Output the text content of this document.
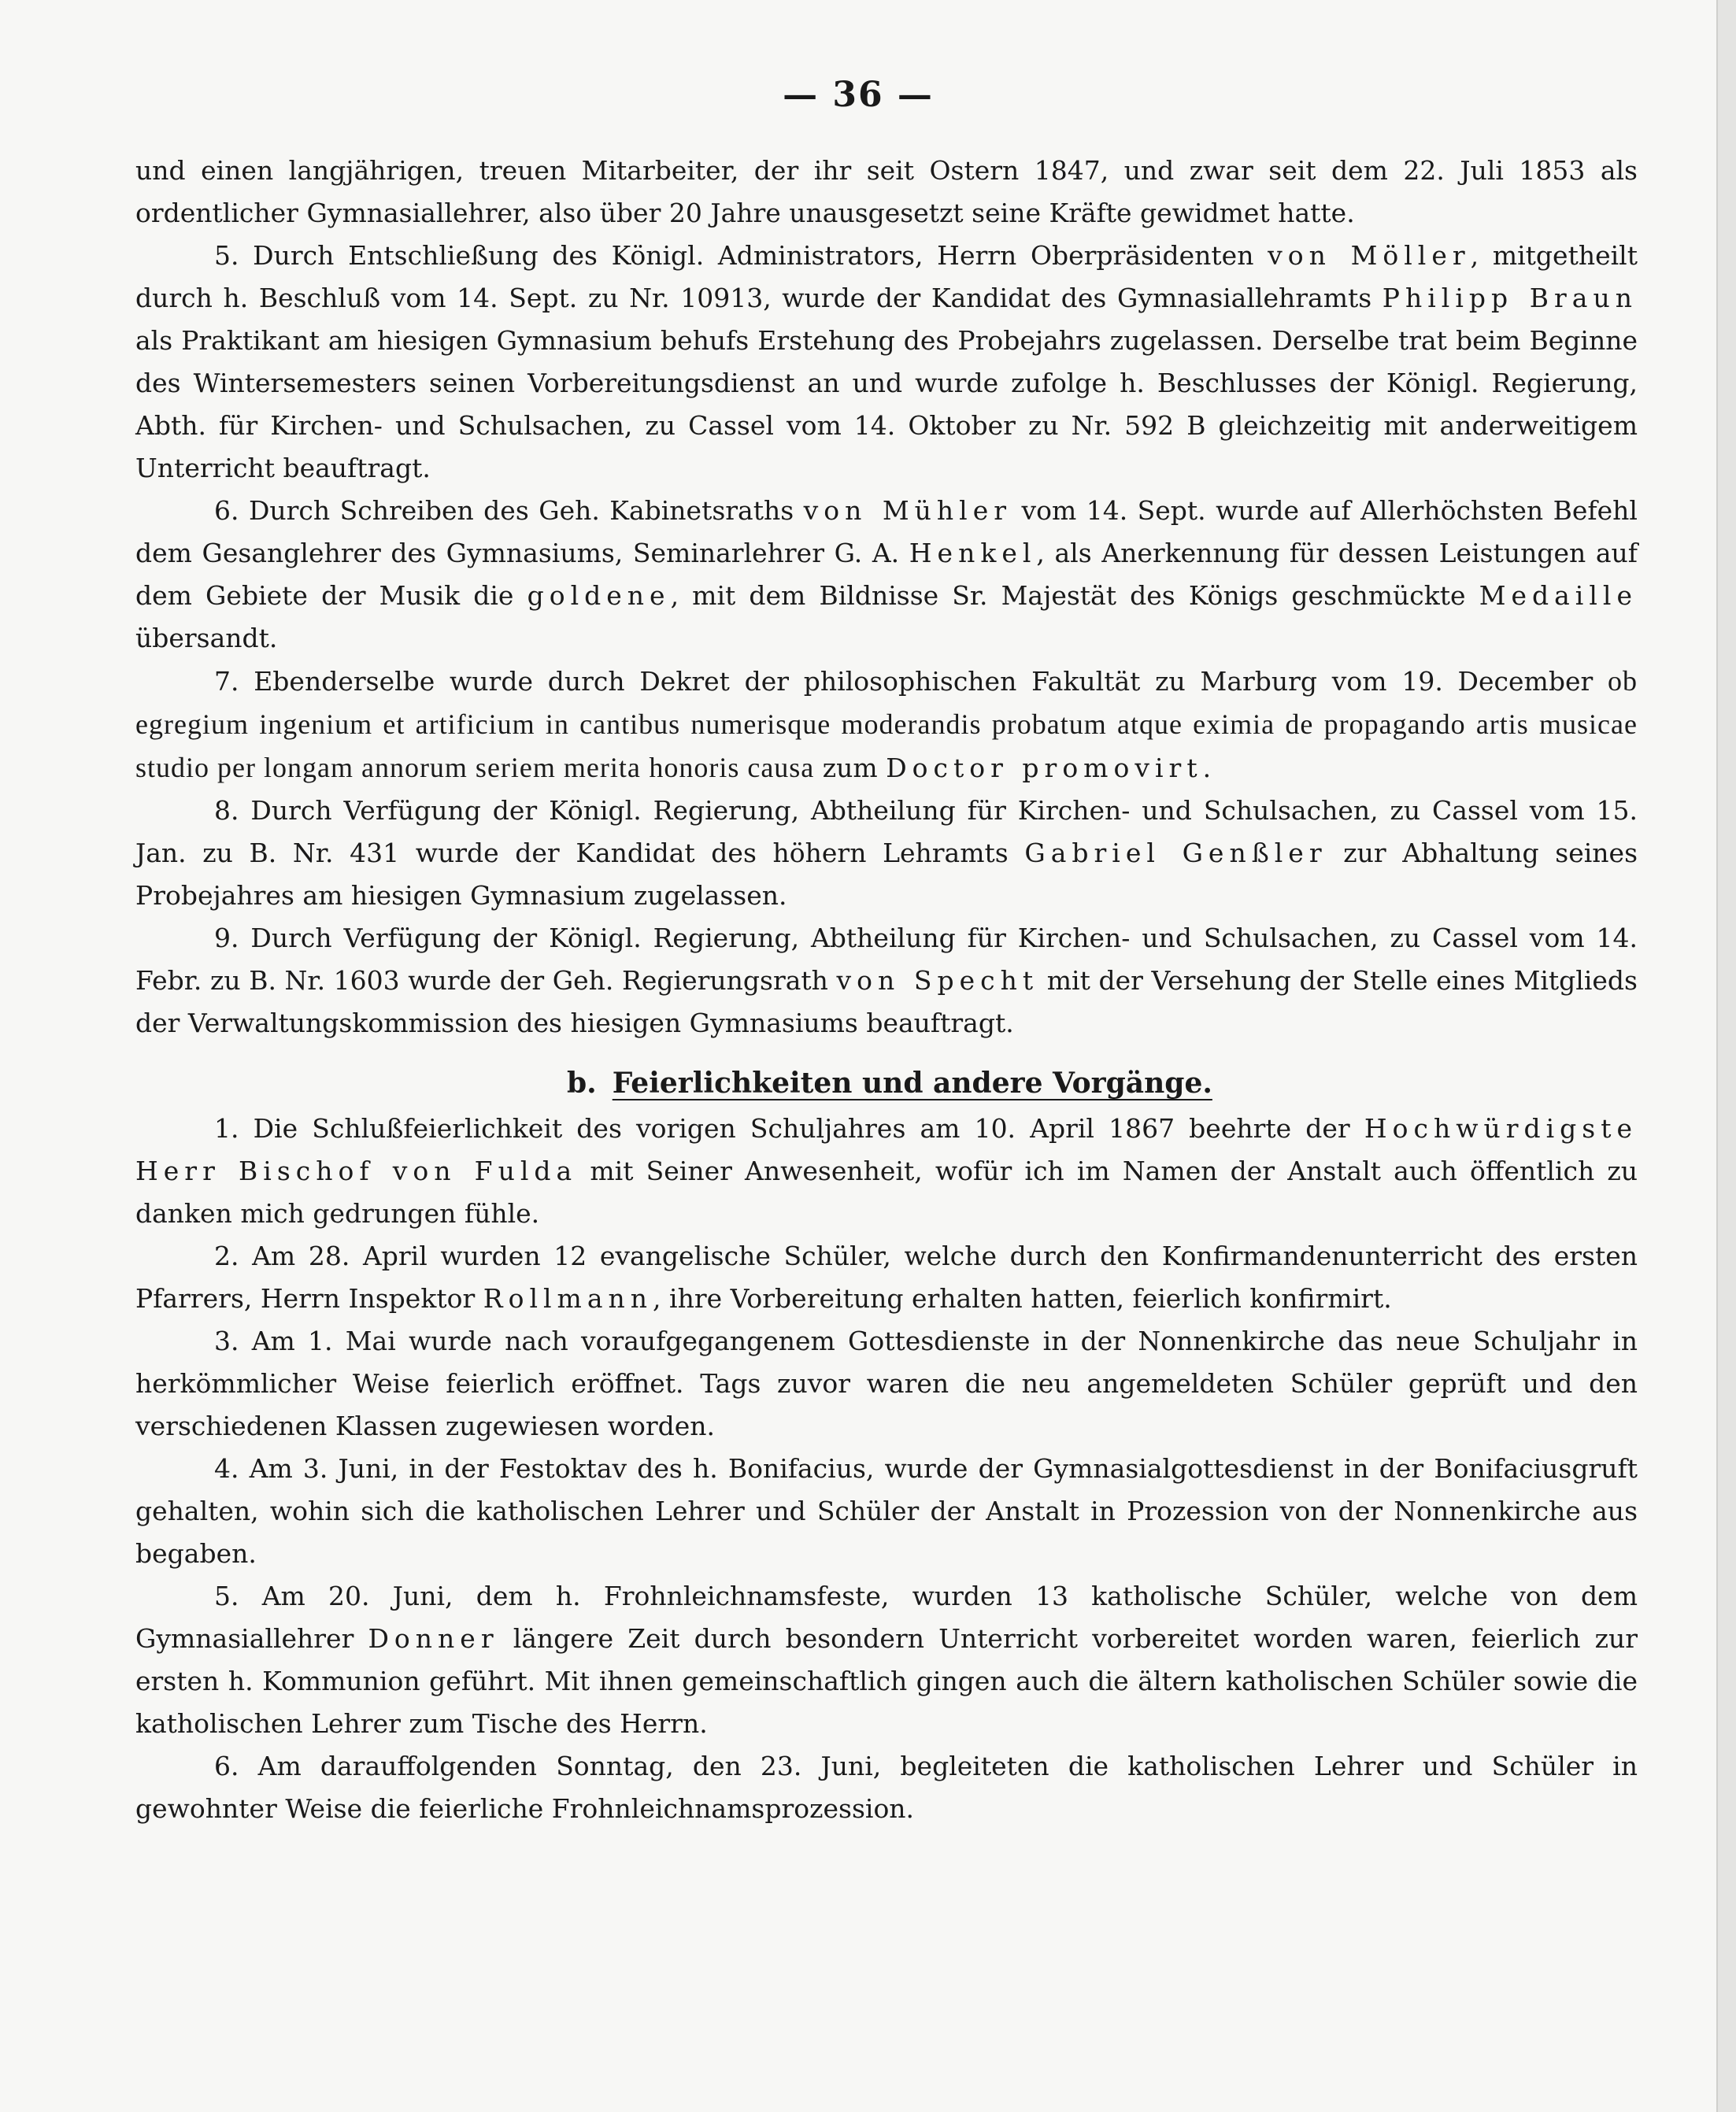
— 36 —

und einen langjährigen, treuen Mitarbeiter, der ihr seit Ostern 1847, und zwar seit dem 22. Juli 1853 als ordentlicher Gymnasiallehrer, also über 20 Jahre unausgesetzt seine Kräfte gewidmet hatte.

5. Durch Entschließung des Königl. Administrators, Herrn Oberpräsidenten von Möller, mitgetheilt durch h. Beschluß vom 14. Sept. zu Nr. 10913, wurde der Kandidat des Gymnasiallehramts Philipp Braun als Praktikant am hiesigen Gymnasium behufs Erstehung des Probejahrs zugelassen. Derselbe trat beim Beginne des Wintersemesters seinen Vorbereitungsdienst an und wurde zufolge h. Beschlusses der Königl. Regierung, Abth. für Kirchen- und Schulsachen, zu Cassel vom 14. Oktober zu Nr. 592 B gleichzeitig mit anderweitigem Unterricht beauftragt.

6. Durch Schreiben des Geh. Kabinetsraths von Mühler vom 14. Sept. wurde auf Allerhöchsten Befehl dem Gesanglehrer des Gymnasiums, Seminarlehrer G. A. Henkel, als Anerkennung für dessen Leistungen auf dem Gebiete der Musik die goldene, mit dem Bildnisse Sr. Majestät des Königs geschmückte Medaille übersandt.

7. Ebenderselbe wurde durch Dekret der philosophischen Fakultät zu Marburg vom 19. December ob egregium ingenium et artificium in cantibus numerisque moderandis probatum atque eximia de propagando artis musicae studio per longam annorum seriem merita honoris causa zum Doctor promovirt.

8. Durch Verfügung der Königl. Regierung, Abtheilung für Kirchen- und Schulsachen, zu Cassel vom 15. Jan. zu B. Nr. 431 wurde der Kandidat des höhern Lehramts Gabriel Genßler zur Abhaltung seines Probejahres am hiesigen Gymnasium zugelassen.

9. Durch Verfügung der Königl. Regierung, Abtheilung für Kirchen- und Schulsachen, zu Cassel vom 14. Febr. zu B. Nr. 1603 wurde der Geh. Regierungsrath von Specht mit der Versehung der Stelle eines Mitglieds der Verwaltungskommission des hiesigen Gymnasiums beauftragt.

b. Feierlichkeiten und andere Vorgänge.

1. Die Schlußfeierlichkeit des vorigen Schuljahres am 10. April 1867 beehrte der Hochwürdigste Herr Bischof von Fulda mit Seiner Anwesenheit, wofür ich im Namen der Anstalt auch öffentlich zu danken mich gedrungen fühle.

2. Am 28. April wurden 12 evangelische Schüler, welche durch den Konfirmandenunterricht des ersten Pfarrers, Herrn Inspektor Rollmann, ihre Vorbereitung erhalten hatten, feierlich konfirmirt.

3. Am 1. Mai wurde nach voraufgegangenem Gottesdienste in der Nonnenkirche das neue Schuljahr in herkömmlicher Weise feierlich eröffnet. Tags zuvor waren die neu angemeldeten Schüler geprüft und den verschiedenen Klassen zugewiesen worden.

4. Am 3. Juni, in der Festoktav des h. Bonifacius, wurde der Gymnasialgottesdienst in der Bonifaciusgruft gehalten, wohin sich die katholischen Lehrer und Schüler der Anstalt in Prozession von der Nonnenkirche aus begaben.

5. Am 20. Juni, dem h. Frohnleichnamsfeste, wurden 13 katholische Schüler, welche von dem Gymnasiallehrer Donner längere Zeit durch besondern Unterricht vorbereitet worden waren, feierlich zur ersten h. Kommunion geführt. Mit ihnen gemeinschaftlich gingen auch die ältern katholischen Schüler sowie die katholischen Lehrer zum Tische des Herrn.

6. Am darauffolgenden Sonntag, den 23. Juni, begleiteten die katholischen Lehrer und Schüler in gewohnter Weise die feierliche Frohnleichnamsprozession.
